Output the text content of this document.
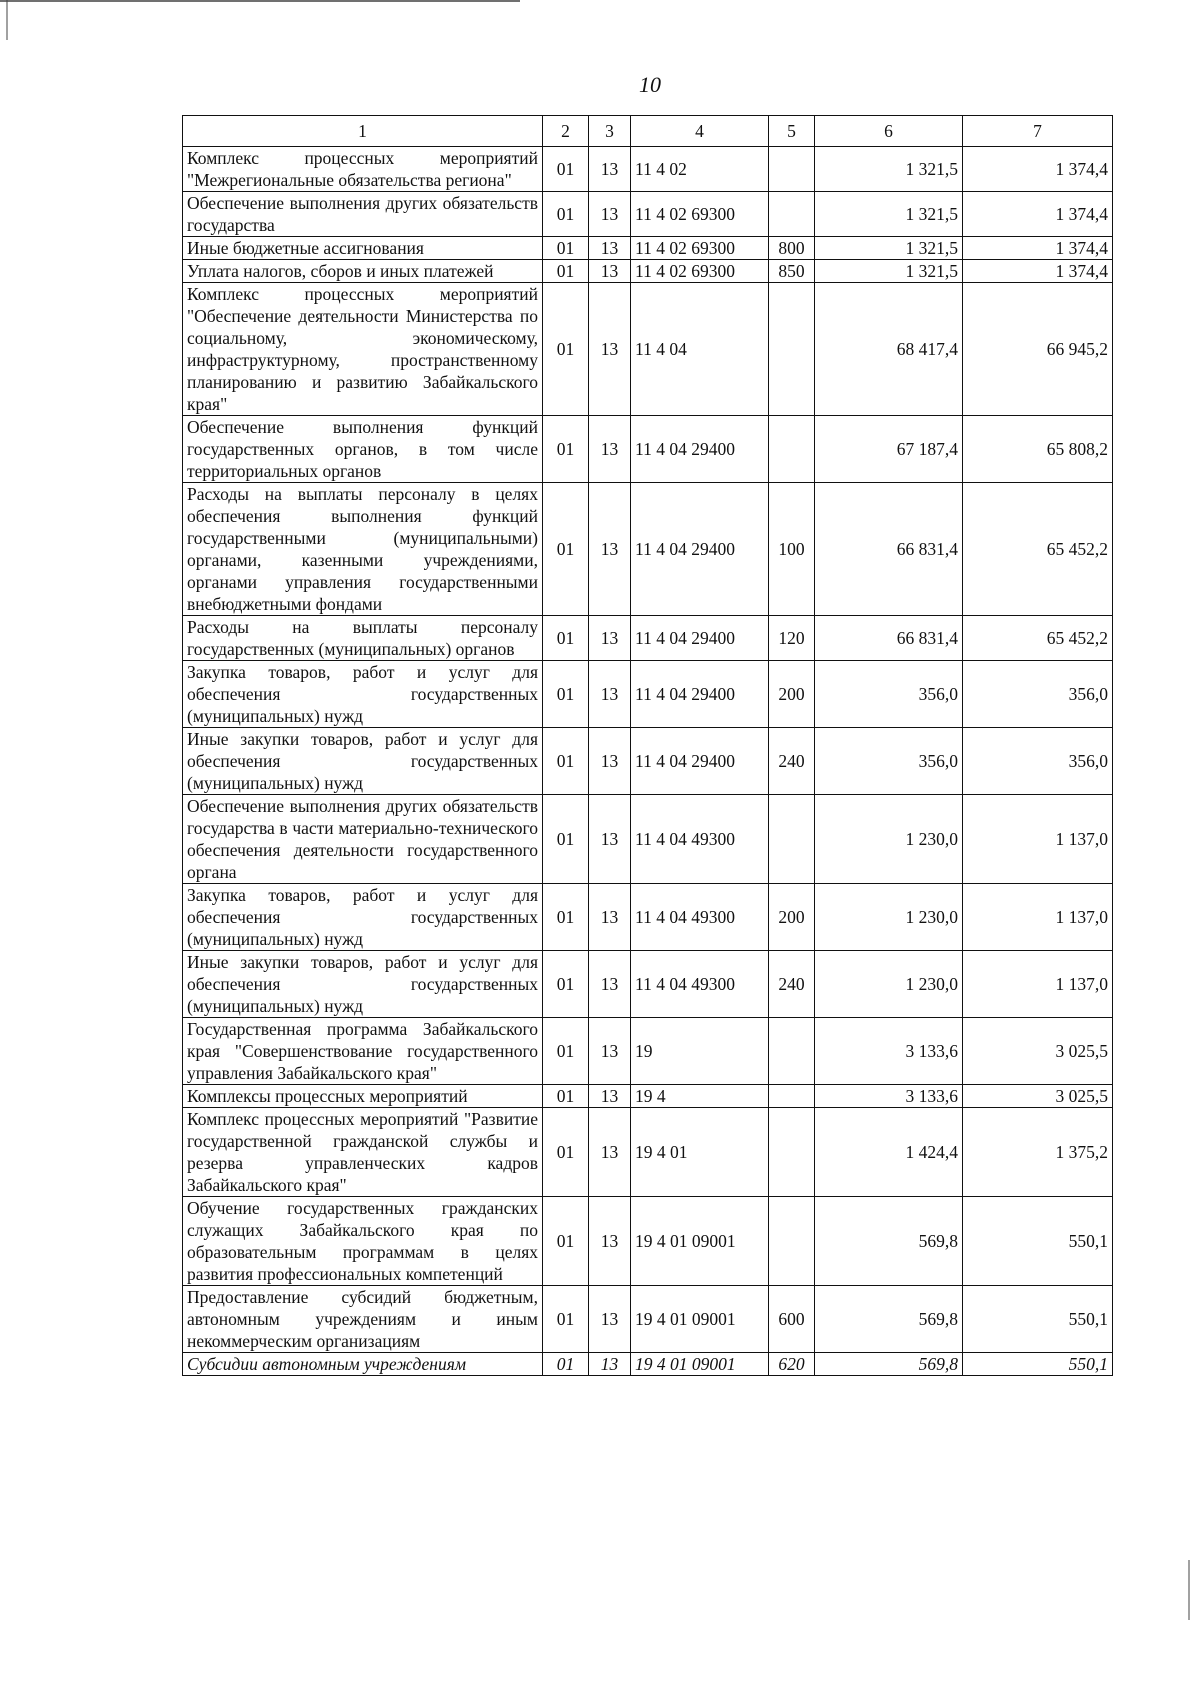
10
1	2	3	4	5	6	7
Комплекс процессных мероприятий "Межрегиональные обязательства региона"	01	13	11 4 02		1 321,5	1 374,4
Обеспечение выполнения других обязательств государства	01	13	11 4 02 69300		1 321,5	1 374,4
Иные бюджетные ассигнования	01	13	11 4 02 69300	800	1 321,5	1 374,4
Уплата налогов, сборов и иных платежей	01	13	11 4 02 69300	850	1 321,5	1 374,4
Комплекс процессных мероприятий "Обеспечение деятельности Министерства по социальному, экономическому, инфраструктурному, пространственному планированию и развитию Забайкальского края"	01	13	11 4 04		68 417,4	66 945,2
Обеспечение выполнения функций государственных органов, в том числе территориальных органов	01	13	11 4 04 29400		67 187,4	65 808,2
Расходы на выплаты персоналу в целях обеспечения выполнения функций государственными (муниципальными) органами, казенными учреждениями, органами управления государственными внебюджетными фондами	01	13	11 4 04 29400	100	66 831,4	65 452,2
Расходы на выплаты персоналу государственных (муниципальных) органов	01	13	11 4 04 29400	120	66 831,4	65 452,2
Закупка товаров, работ и услуг для обеспечения государственных (муниципальных) нужд	01	13	11 4 04 29400	200	356,0	356,0
Иные закупки товаров, работ и услуг для обеспечения государственных (муниципальных) нужд	01	13	11 4 04 29400	240	356,0	356,0
Обеспечение выполнения других обязательств государства в части материально-технического обеспечения деятельности государственного органа	01	13	11 4 04 49300		1 230,0	1 137,0
Закупка товаров, работ и услуг для обеспечения государственных (муниципальных) нужд	01	13	11 4 04 49300	200	1 230,0	1 137,0
Иные закупки товаров, работ и услуг для обеспечения государственных (муниципальных) нужд	01	13	11 4 04 49300	240	1 230,0	1 137,0
Государственная программа Забайкальского края "Совершенствование государственного управления Забайкальского края"	01	13	19		3 133,6	3 025,5
Комплексы процессных мероприятий	01	13	19 4		3 133,6	3 025,5
Комплекс процессных мероприятий "Развитие государственной гражданской службы и резерва управленческих кадров Забайкальского края"	01	13	19 4 01		1 424,4	1 375,2
Обучение государственных гражданских служащих Забайкальского края по образовательным программам в целях развития профессиональных компетенций	01	13	19 4 01 09001		569,8	550,1
Предоставление субсидий бюджетным, автономным учреждениям и иным некоммерческим организациям	01	13	19 4 01 09001	600	569,8	550,1
Субсидии автономным учреждениям	01	13	19 4 01 09001	620	569,8	550,1
